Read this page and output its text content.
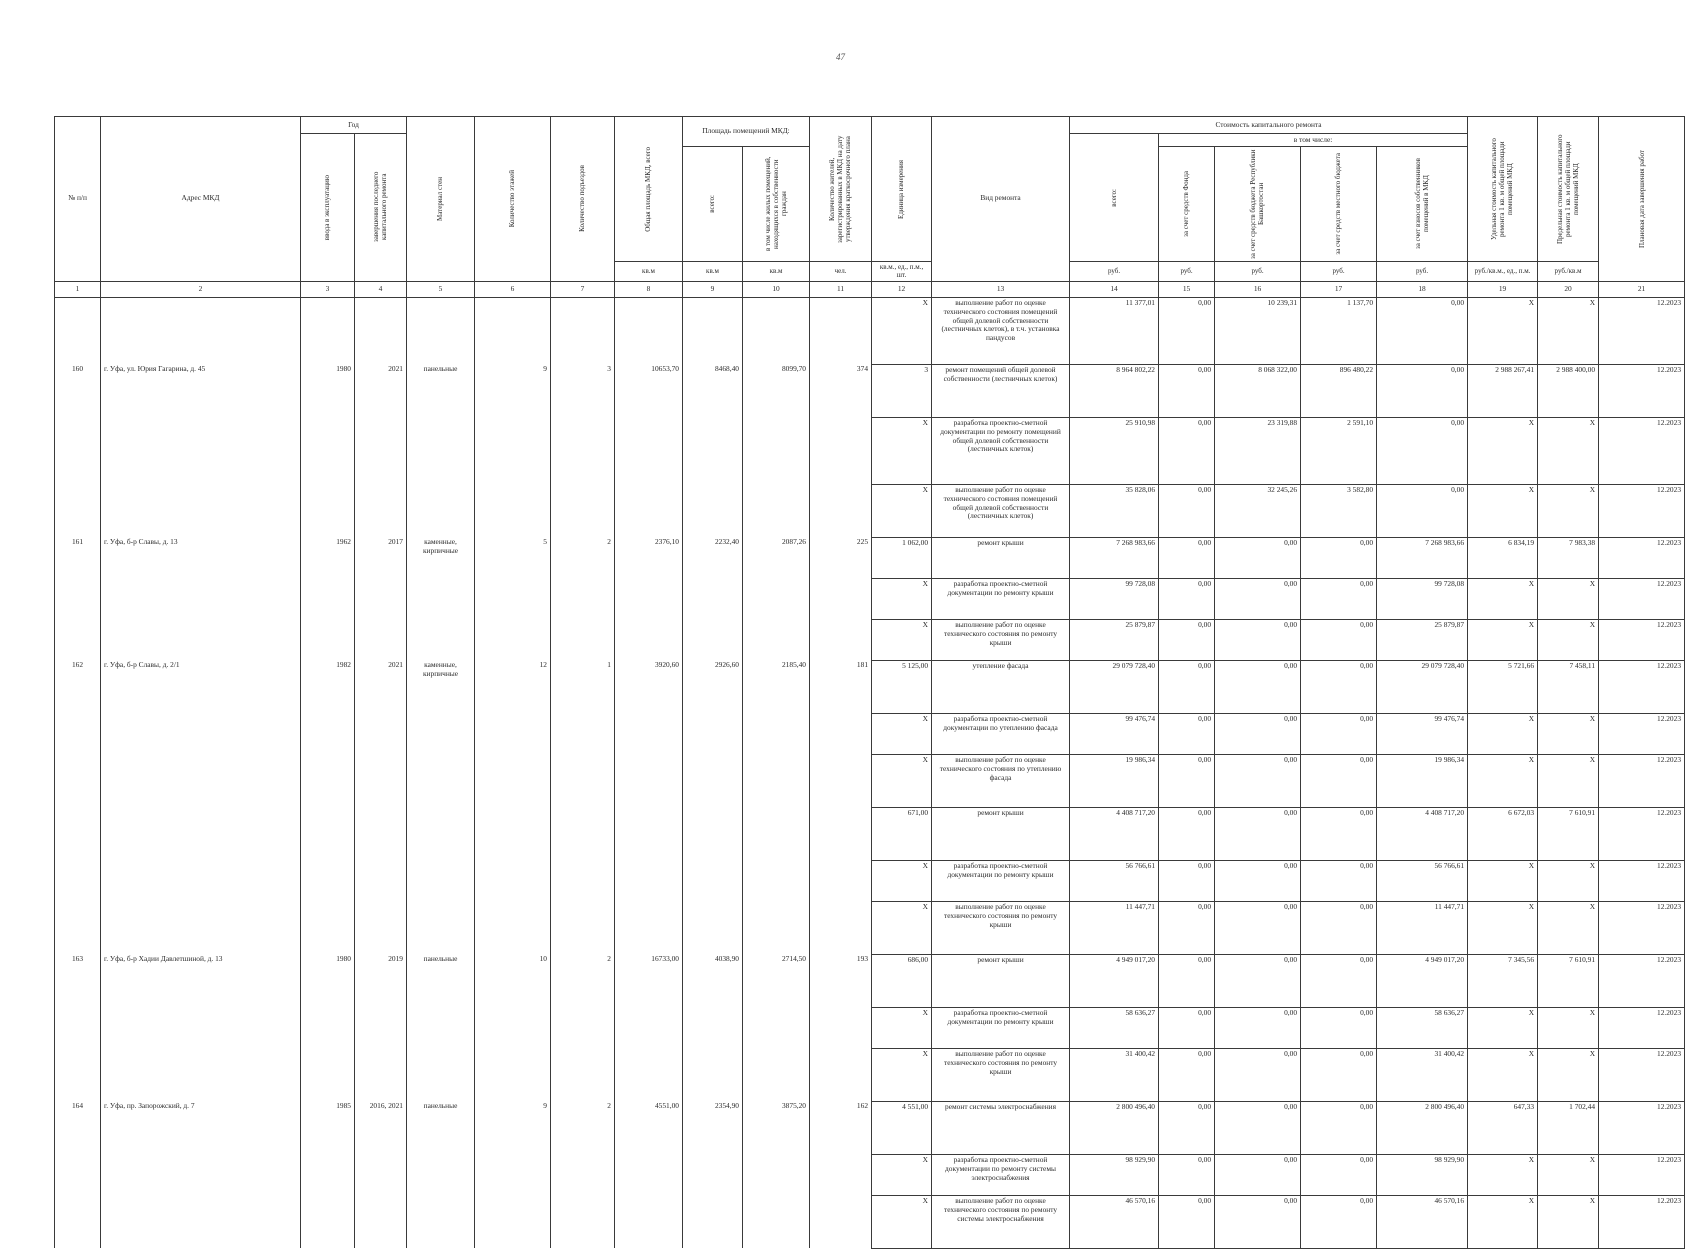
47
№ п/п	Адрес МКД	Год		Материал стен	Количество этажей	Количество подъездов	Общая площадь МКД, всего	Площадь помещений МКД:		Количество жителей, зарегистрированных в МКД на дату утверждения краткосрочного плана	Единица измерения	Вид ремонта	Стоимость капитального ремонта					Удельная стоимость капитального ремонта 1 кв. м общей площади помещений МКД	Предельная стоимость капитального ремонта 1 кв. м общей площади помещений МКД	Плановая дата завершения работ

		ввода в эксплуатацию	завершения последнего капитального ремонта										всего:	в том числе:						

								всего:	в том числе жилых помещений, находящихся в собственности граждан					за счет средств Фонда	за счет средств бюджета Республики Башкортостан	за счет средств местного бюджета	за счет взносов собственников помещений в МКД			

							кв.м	кв.м	кв.м	чел.	кв.м., ед., п.м., шт.		руб.	руб.	руб.	руб.	руб.	руб./кв.м., ед., п.м.	руб./кв.м	
1	2	3	4	5	6	7	8	9	10	11	12	13	14	15	16	17	18	19	20	21
											X	выполнение работ по оценке технического состояния помещений общей долевой собственности (лестничных клеток), в т.ч. установка пандусов	11 377,01	0,00	10 239,31	1 137,70	0,00	X	X	12.2023
160	г. Уфа, ул. Юрия Гагарина, д. 45	1980	2021	панельные	9	3	10653,70	8468,40	8099,70	374	3	ремонт помещений общей долевой собственности (лестничных клеток)	8 964 802,22	0,00	8 068 322,00	896 480,22	0,00	2 988 267,41	2 988 400,00	12.2023
											X	разработка проектно-сметной документации по ремонту помещений общей долевой собственности (лестничных клеток)	25 910,98	0,00	23 319,88	2 591,10	0,00	X	X	12.2023
											X	выполнение работ по оценке технического состояния помещений общей долевой собственности (лестничных клеток)	35 828,06	0,00	32 245,26	3 582,80	0,00	X	X	12.2023
161	г. Уфа, б-р Славы, д. 13	1962	2017	каменные, кирпичные	5	2	2376,10	2232,40	2087,26	225	1 062,00	ремонт крыши	7 268 983,66	0,00	0,00	0,00	7 268 983,66	6 834,19	7 983,38	12.2023
											X	разработка проектно-сметной документации по ремонту крыши	99 728,08	0,00	0,00	0,00	99 728,08	X	X	12.2023
											X	выполнение работ по оценке технического состояния по ремонту крыши	25 879,87	0,00	0,00	0,00	25 879,87	X	X	12.2023
162	г. Уфа, б-р Славы, д. 2/1	1982	2021	каменные, кирпичные	12	1	3920,60	2926,60	2185,40	181	5 125,00	утепление фасада	29 079 728,40	0,00	0,00	0,00	29 079 728,40	5 721,66	7 458,11	12.2023
											X	разработка проектно-сметной документации по утеплению фасада	99 476,74	0,00	0,00	0,00	99 476,74	X	X	12.2023
											X	выполнение работ по оценке технического состояния по утеплению фасада	19 986,34	0,00	0,00	0,00	19 986,34	X	X	12.2023
											671,00	ремонт крыши	4 408 717,20	0,00	0,00	0,00	4 408 717,20	6 672,03	7 610,91	12.2023
											X	разработка проектно-сметной документации по ремонту крыши	56 766,61	0,00	0,00	0,00	56 766,61	X	X	12.2023
											X	выполнение работ по оценке технического состояния по ремонту крыши	11 447,71	0,00	0,00	0,00	11 447,71	X	X	12.2023
163	г. Уфа, б-р Хадии Давлетшиной, д. 13	1980	2019	панельные	10	2	16733,00	4038,90	2714,50	193	686,00	ремонт крыши	4 949 017,20	0,00	0,00	0,00	4 949 017,20	7 345,56	7 610,91	12.2023
											X	разработка проектно-сметной документации по ремонту крыши	58 636,27	0,00	0,00	0,00	58 636,27	X	X	12.2023
											X	выполнение работ по оценке технического состояния по ремонту крыши	31 400,42	0,00	0,00	0,00	31 400,42	X	X	12.2023
164	г. Уфа, пр. Запорожский, д. 7	1985	2016, 2021	панельные	9	2	4551,00	2354,90	3875,20	162	4 551,00	ремонт системы электроснабжения	2 800 496,40	0,00	0,00	0,00	2 800 496,40	647,33	1 702,44	12.2023
											X	разработка проектно-сметной документации по ремонту системы электроснабжения	98 929,90	0,00	0,00	0,00	98 929,90	X	X	12.2023
											X	выполнение работ по оценке технического состояния по ремонту системы электроснабжения	46 570,16	0,00	0,00	0,00	46 570,16	X	X	12.2023
